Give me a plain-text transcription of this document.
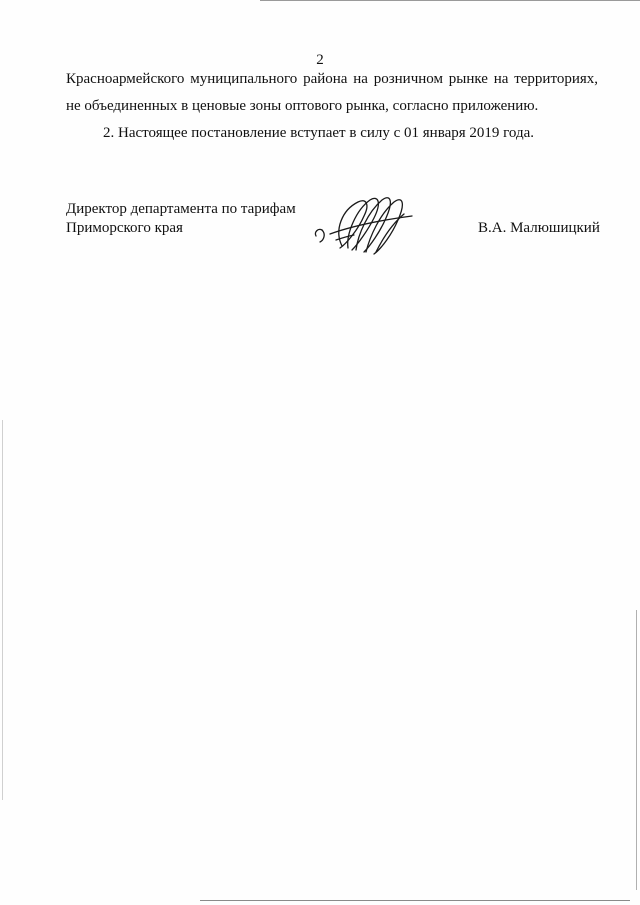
2
Красноармейского муниципального района на розничном рынке на территориях,
не объединенных в ценовые зоны оптового рынка, согласно приложению.
2. Настоящее постановление вступает в силу с 01 января 2019 года.
Директор департамента по тарифам
Приморского края	В.А. Малюшицкий
